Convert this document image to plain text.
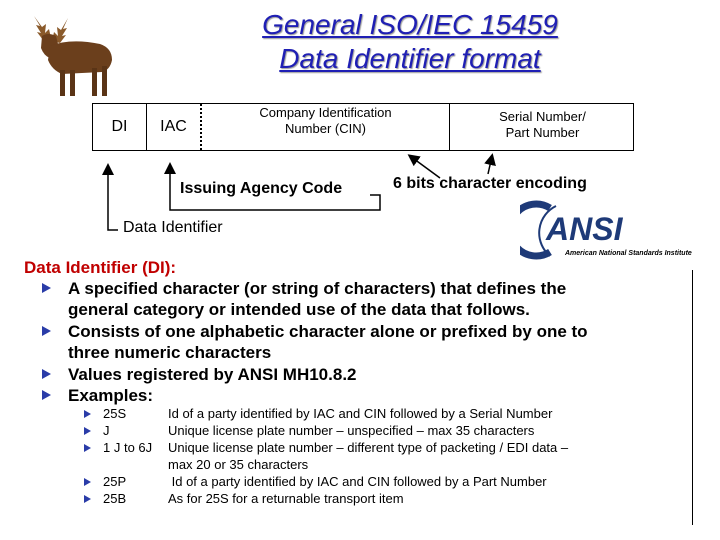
General ISO/IEC 15459
Data Identifier format
DI	IAC
Company Identification
Number (CIN)
Serial Number/
Part Number
Issuing Agency Code	6 bits character encoding
Data Identifier	ANSI
American National Standards Institute
Data Identifier (DI):
A specified character (or string of characters) that defines the
general category or intended use of the data that follows.
Consists of one alphabetic character alone or prefixed by one to
three numeric characters
Values registered by ANSI MH10.8.2
Examples:
25S	Id of a party identified by IAC and CIN followed by a Serial Number
J	Unique license plate number – unspecified – max 35 characters
1 J to 6J Unique license plate number – different type of packeting / EDI data –
max 20 or 35 characters
25P	Id of a party identified by IAC and CIN followed by a Part Number
25B	As for 25S for a returnable transport item
